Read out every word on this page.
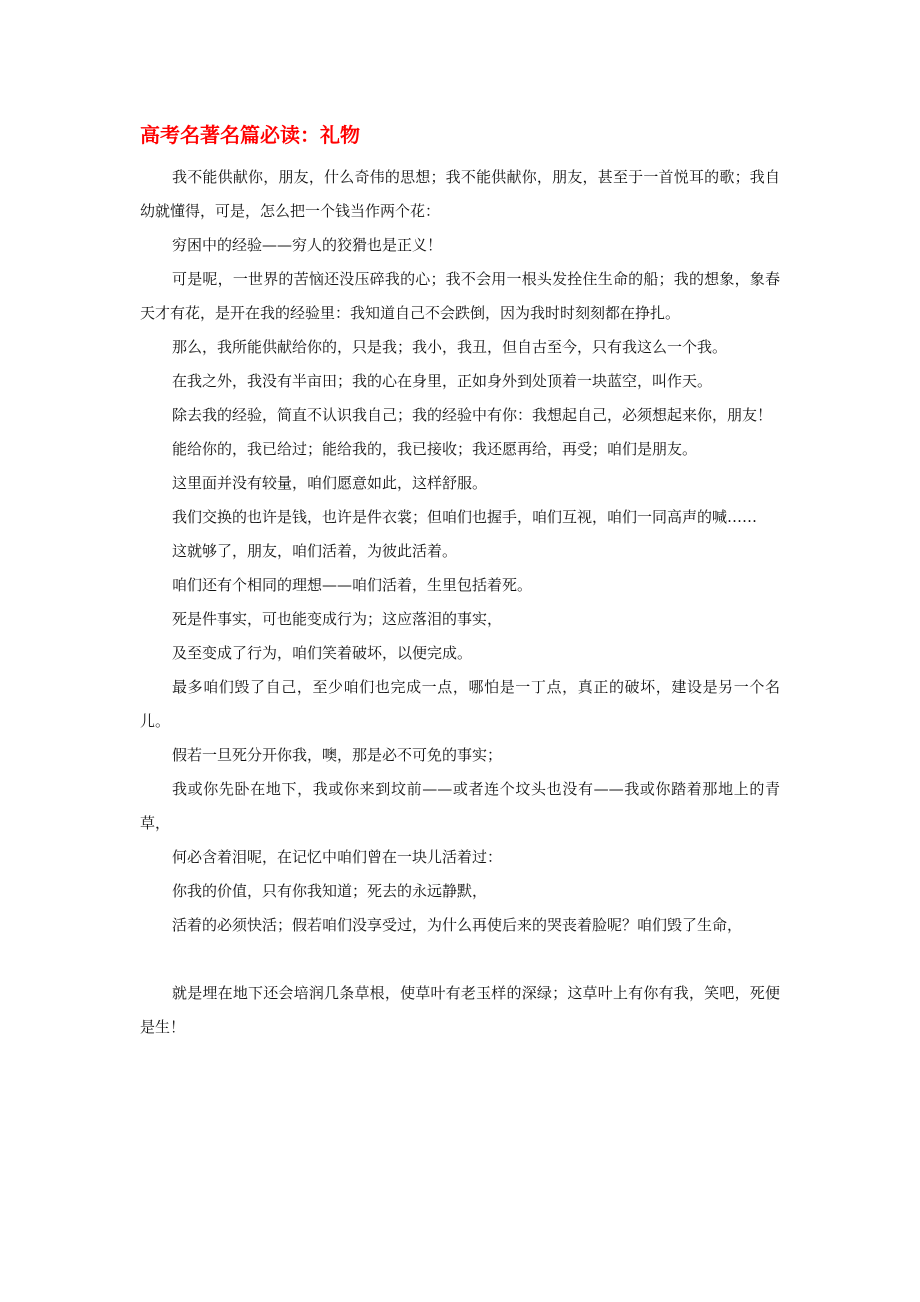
高考名著名篇必读：礼物

我不能供献你，朋友，什么奇伟的思想；我不能供献你，朋友，甚至于一首悦耳的歌；我自幼就懂得，可是，怎么把一个钱当作两个花：

穷困中的经验——穷人的狡猾也是正义！

可是呢，一世界的苦恼还没压碎我的心；我不会用一根头发拴住生命的船；我的想象，象春天才有花，是开在我的经验里：我知道自己不会跌倒，因为我时时刻刻都在挣扎。

那么，我所能供献给你的，只是我；我小，我丑，但自古至今，只有我这么一个我。

在我之外，我没有半亩田；我的心在身里，正如身外到处顶着一块蓝空，叫作天。

除去我的经验，简直不认识我自己；我的经验中有你：我想起自己，必须想起来你，朋友！

能给你的，我已给过；能给我的，我已接收；我还愿再给，再受；咱们是朋友。

这里面并没有较量，咱们愿意如此，这样舒服。

我们交换的也许是钱，也许是件衣裳；但咱们也握手，咱们互视，咱们一同高声的喊……

这就够了，朋友，咱们活着，为彼此活着。

咱们还有个相同的理想——咱们活着，生里包括着死。

死是件事实，可也能变成行为；这应落泪的事实，

及至变成了行为，咱们笑着破坏，以便完成。

最多咱们毁了自己，至少咱们也完成一点，哪怕是一丁点，真正的破坏，建设是另一个名儿。

假若一旦死分开你我，噢，那是必不可免的事实；

我或你先卧在地下，我或你来到坟前——或者连个坟头也没有——我或你踏着那地上的青草，

何必含着泪呢，在记忆中咱们曾在一块儿活着过：

你我的价值，只有你我知道；死去的永远静默，

活着的必须快活；假若咱们没享受过，为什么再使后来的哭丧着脸呢？咱们毁了生命，

就是埋在地下还会培润几条草根，使草叶有老玉样的深绿；这草叶上有你有我，笑吧，死便是生！
